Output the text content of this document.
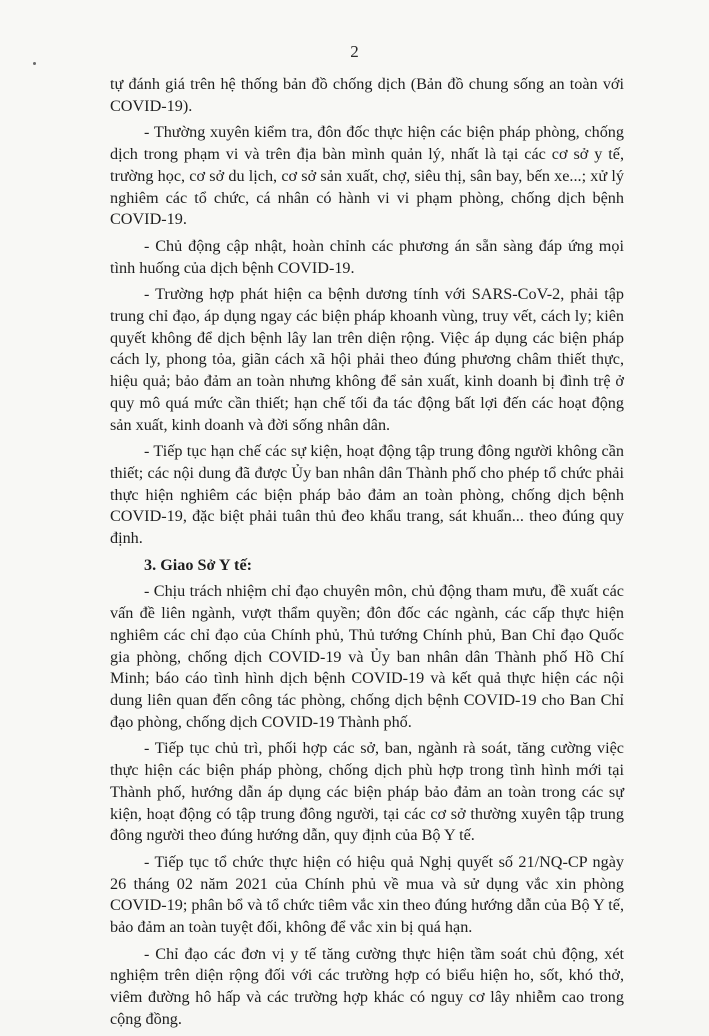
2

tự đánh giá trên hệ thống bản đồ chống dịch (Bản đồ chung sống an toàn với COVID-19).

- Thường xuyên kiểm tra, đôn đốc thực hiện các biện pháp phòng, chống dịch trong phạm vi và trên địa bàn mình quản lý, nhất là tại các cơ sở y tế, trường học, cơ sở du lịch, cơ sở sản xuất, chợ, siêu thị, sân bay, bến xe...; xử lý nghiêm các tổ chức, cá nhân có hành vi vi phạm phòng, chống dịch bệnh COVID-19.

- Chủ động cập nhật, hoàn chỉnh các phương án sẵn sàng đáp ứng mọi tình huống của dịch bệnh COVID-19.

- Trường hợp phát hiện ca bệnh dương tính với SARS-CoV-2, phải tập trung chỉ đạo, áp dụng ngay các biện pháp khoanh vùng, truy vết, cách ly; kiên quyết không để dịch bệnh lây lan trên diện rộng. Việc áp dụng các biện pháp cách ly, phong tỏa, giãn cách xã hội phải theo đúng phương châm thiết thực, hiệu quả; bảo đảm an toàn nhưng không để sản xuất, kinh doanh bị đình trệ ở quy mô quá mức cần thiết; hạn chế tối đa tác động bất lợi đến các hoạt động sản xuất, kinh doanh và đời sống nhân dân.

- Tiếp tục hạn chế các sự kiện, hoạt động tập trung đông người không cần thiết; các nội dung đã được Ủy ban nhân dân Thành phố cho phép tổ chức phải thực hiện nghiêm các biện pháp bảo đảm an toàn phòng, chống dịch bệnh COVID-19, đặc biệt phải tuân thủ đeo khẩu trang, sát khuẩn... theo đúng quy định.

3. Giao Sở Y tế:

- Chịu trách nhiệm chỉ đạo chuyên môn, chủ động tham mưu, đề xuất các vấn đề liên ngành, vượt thẩm quyền; đôn đốc các ngành, các cấp thực hiện nghiêm các chỉ đạo của Chính phủ, Thủ tướng Chính phủ, Ban Chỉ đạo Quốc gia phòng, chống dịch COVID-19 và Ủy ban nhân dân Thành phố Hồ Chí Minh; báo cáo tình hình dịch bệnh COVID-19 và kết quả thực hiện các nội dung liên quan đến công tác phòng, chống dịch bệnh COVID-19 cho Ban Chỉ đạo phòng, chống dịch COVID-19 Thành phố.

- Tiếp tục chủ trì, phối hợp các sở, ban, ngành rà soát, tăng cường việc thực hiện các biện pháp phòng, chống dịch phù hợp trong tình hình mới tại Thành phố, hướng dẫn áp dụng các biện pháp bảo đảm an toàn trong các sự kiện, hoạt động có tập trung đông người, tại các cơ sở thường xuyên tập trung đông người theo đúng hướng dẫn, quy định của Bộ Y tế.

- Tiếp tục tổ chức thực hiện có hiệu quả Nghị quyết số 21/NQ-CP ngày 26 tháng 02 năm 2021 của Chính phủ về mua và sử dụng vắc xin phòng COVID-19; phân bổ và tổ chức tiêm vắc xin theo đúng hướng dẫn của Bộ Y tế, bảo đảm an toàn tuyệt đối, không để vắc xin bị quá hạn.

- Chỉ đạo các đơn vị y tế tăng cường thực hiện tầm soát chủ động, xét nghiệm trên diện rộng đối với các trường hợp có biểu hiện ho, sốt, khó thở, viêm đường hô hấp và các trường hợp khác có nguy cơ lây nhiễm cao trong cộng đồng.
